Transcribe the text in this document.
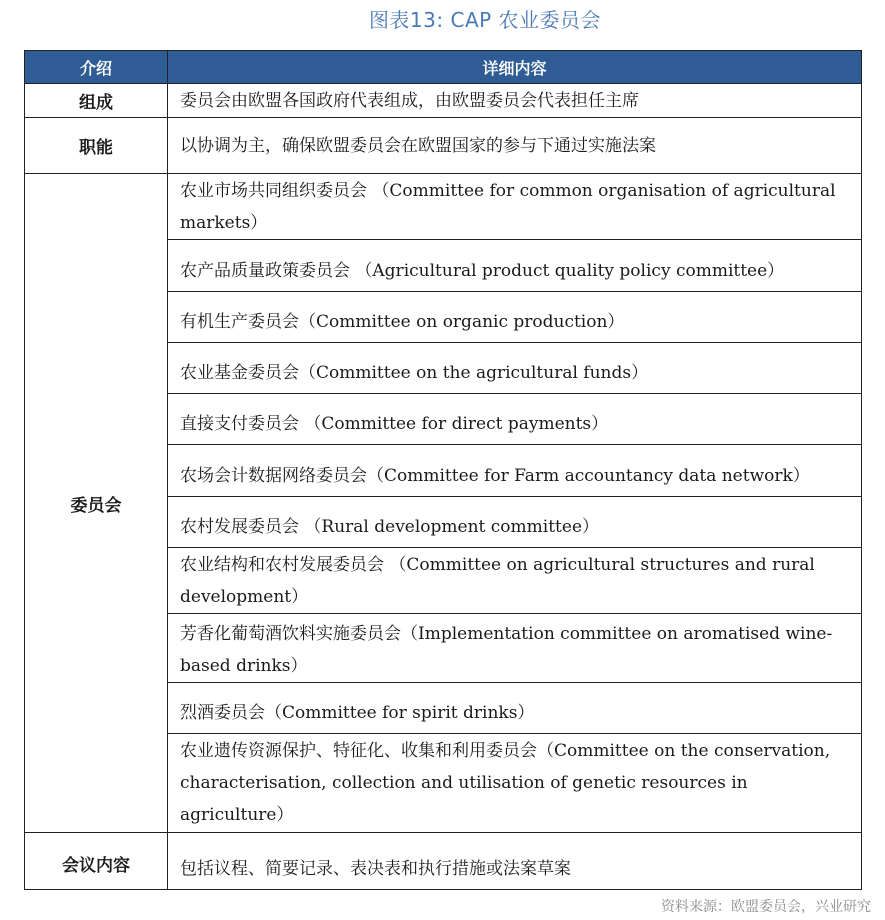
图表13: CAP 农业委员会
介绍	详细内容
组成	委员会由欧盟各国政府代表组成，由欧盟委员会代表担任主席
职能	以协调为主，确保欧盟委员会在欧盟国家的参与下通过实施法案
委员会	农业市场共同组织委员会 （Committee for common organisation of agricultural markets）
	农产品质量政策委员会 （Agricultural product quality policy committee）
	有机生产委员会（Committee on organic production）
	农业基金委员会（Committee on the agricultural funds）
	直接支付委员会 （Committee for direct payments）
	农场会计数据网络委员会（Committee for Farm accountancy data network）
	农村发展委员会 （Rural development committee）
	农业结构和农村发展委员会 （Committee on agricultural structures and rural development）
	芳香化葡萄酒饮料实施委员会（Implementation committee on aromatised wine-based drinks）
	烈酒委员会（Committee for spirit drinks）
	农业遗传资源保护、特征化、收集和利用委员会（Committee on the conservation, characterisation, collection and utilisation of genetic resources in agriculture）
会议内容	包括议程、简要记录、表决表和执行措施或法案草案
资料来源：欧盟委员会，兴业研究
